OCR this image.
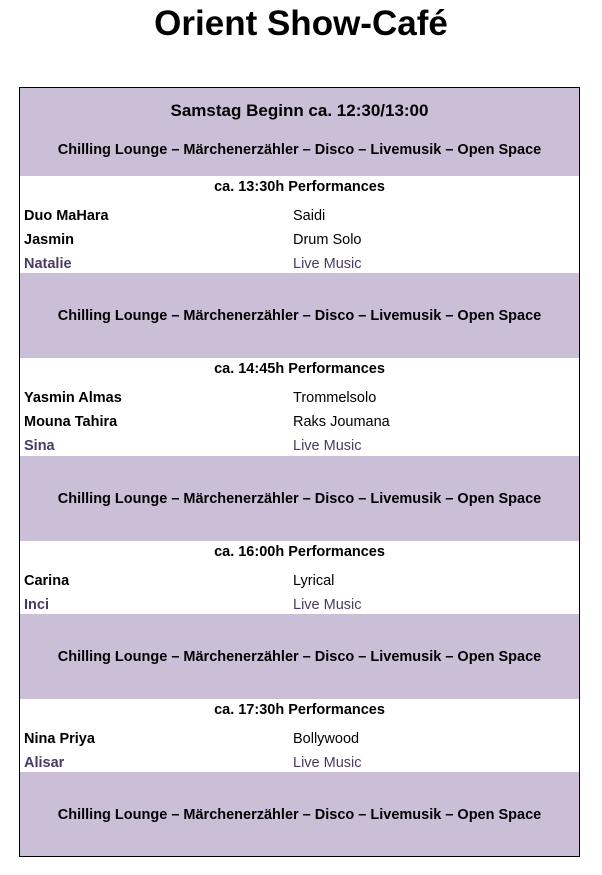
Orient Show-Café
Samstag Beginn ca. 12:30/13:00
Chilling Lounge – Märchenerzähler – Disco – Livemusik – Open Space
ca. 13:30h Performances
Duo MaHara	Saidi
Jasmin	Drum Solo
Natalie	Live Music
Chilling Lounge – Märchenerzähler – Disco – Livemusik – Open Space
ca. 14:45h Performances
Yasmin Almas	Trommelsolo
Mouna Tahira	Raks Joumana
Sina	Live Music
Chilling Lounge – Märchenerzähler – Disco – Livemusik – Open Space
ca. 16:00h Performances
Carina	Lyrical
Inci	Live Music
Chilling Lounge – Märchenerzähler – Disco – Livemusik – Open Space
ca. 17:30h Performances
Nina Priya	Bollywood
Alisar	Live Music
Chilling Lounge – Märchenerzähler – Disco – Livemusik – Open Space
